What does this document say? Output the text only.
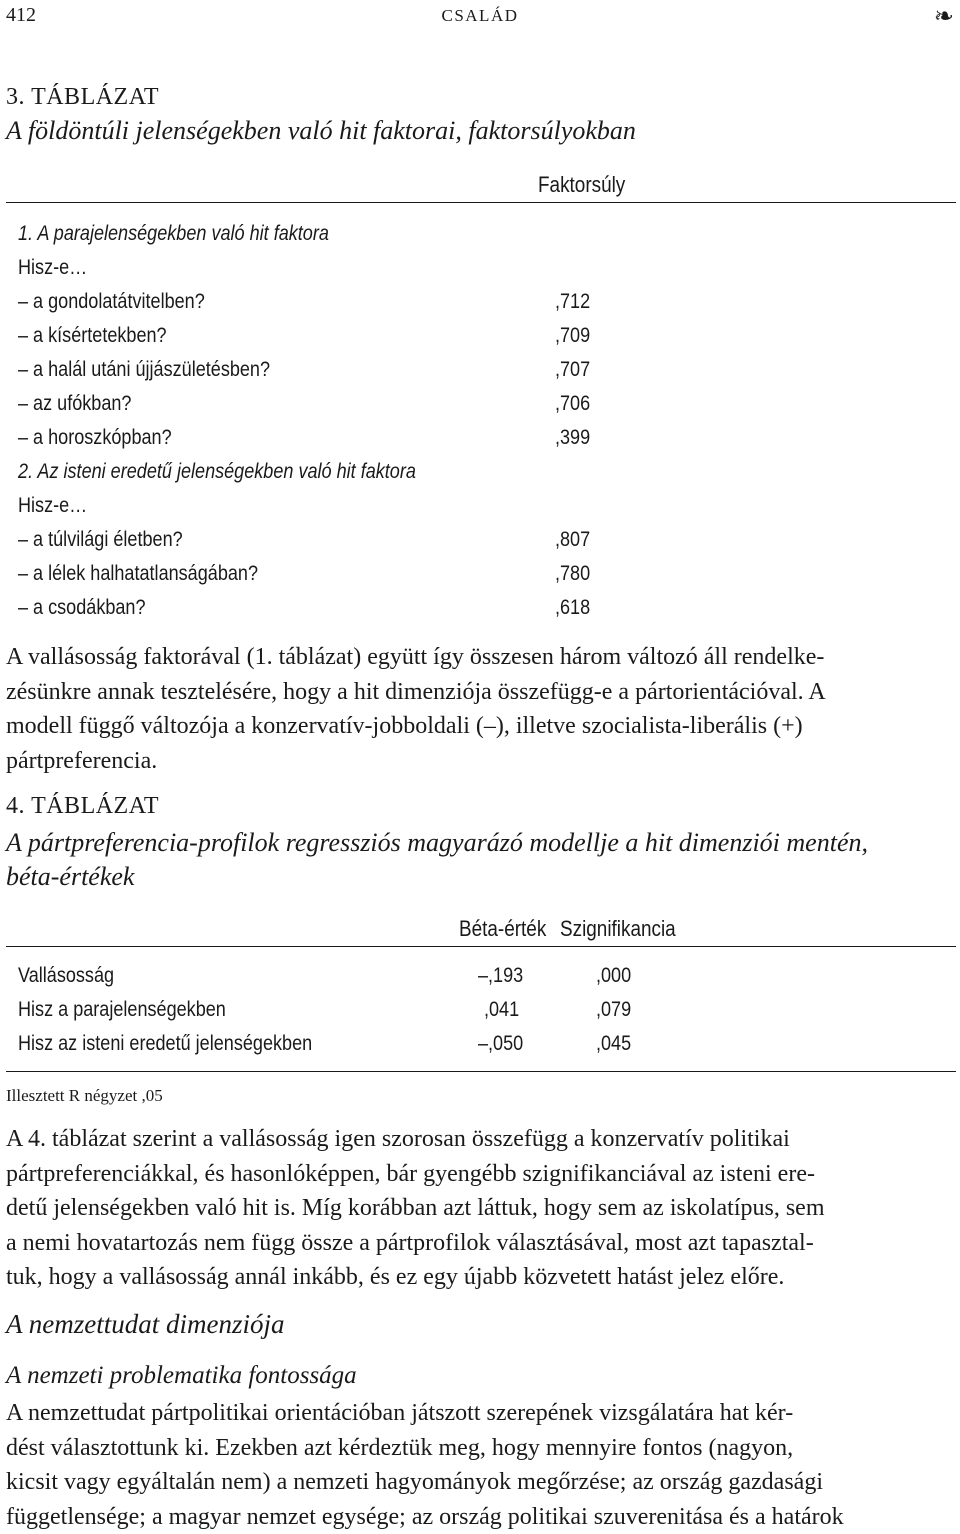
412	CSALÁD	❧
3. TÁBLÁZAT
A földöntúli jelenségekben való hit faktorai, faktorsúlyokban
Faktorsúly
1. A parajelenségekben való hit faktora
Hisz-e…
– a gondolatátvitelben?	,712
– a kísértetekben?	,709
– a halál utáni újjászületésben?	,707
– az ufókban?	,706
– a horoszkópban?	,399
2. Az isteni eredetű jelenségekben való hit faktora
Hisz-e…
– a túlvilági életben?	,807
– a lélek halhatatlanságában?	,780
– a csodákban?	,618

A vallásosság faktorával (1. táblázat) együtt így összesen három változó áll rendelke-

zésünkre annak tesztelésére, hogy a hit dimenziója összefügg-e a pártorientációval. A

modell függő változója a konzervatív-jobboldali (–), illetve szocialista-liberális (+)

pártpreferencia.

4. TÁBLÁZAT
A pártpreferencia-profilok regressziós magyarázó modellje a hit dimenziói mentén,
béta-értékek
Béta-érték Szignifikancia
Vallásosság	–,193	,000
Hisz a parajelenségekben	,041	,079
Hisz az isteni eredetű jelenségekben	–,050	,045
Illesztett R négyzet ,05

A 4. táblázat szerint a vallásosság igen szorosan összefügg a konzervatív politikai

pártpreferenciákkal, és hasonlóképpen, bár gyengébb szignifikanciával az isteni ere-

detű jelenségekben való hit is. Míg korábban azt láttuk, hogy sem az iskolatípus, sem

a nemi hovatartozás nem függ össze a pártprofilok választásával, most azt tapasztal-

tuk, hogy a vallásosság annál inkább, és ez egy újabb közvetett hatást jelez előre.

A nemzettudat dimenziója
A nemzeti problematika fontossága

A nemzettudat pártpolitikai orientációban játszott szerepének vizsgálatára hat kér-

dést választottunk ki. Ezekben azt kérdeztük meg, hogy mennyire fontos (nagyon,

kicsit vagy egyáltalán nem) a nemzeti hagyományok megőrzése; az ország gazdasági

függetlensége; a magyar nemzet egysége; az ország politikai szuverenitása és a határok
